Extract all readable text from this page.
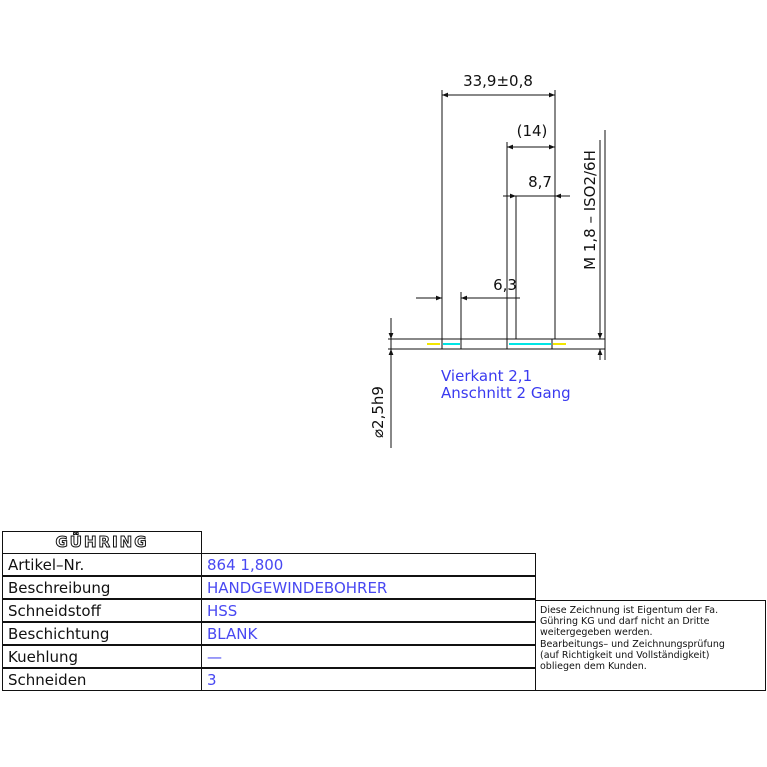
33,9±0,8
(14)
8,7
6,3
M 1,8 – ISO2/6H
⌀2,5h9
Vierkant 2,1
Anschnitt 2 Gang
GÜHRING
Artikel–Nr.	864 1,800
Beschreibung	HANDGEWINDEBOHRER
Schneidstoff	HSS
Beschichtung	BLANK
Kuehlung	—
Schneiden	3
Diese Zeichnung ist Eigentum der Fa.
Gühring KG und darf nicht an Dritte
weitergegeben werden.
Bearbeitungs– und Zeichnungsprüfung
(auf Richtigkeit und Vollständigkeit)
obliegen dem Kunden.
